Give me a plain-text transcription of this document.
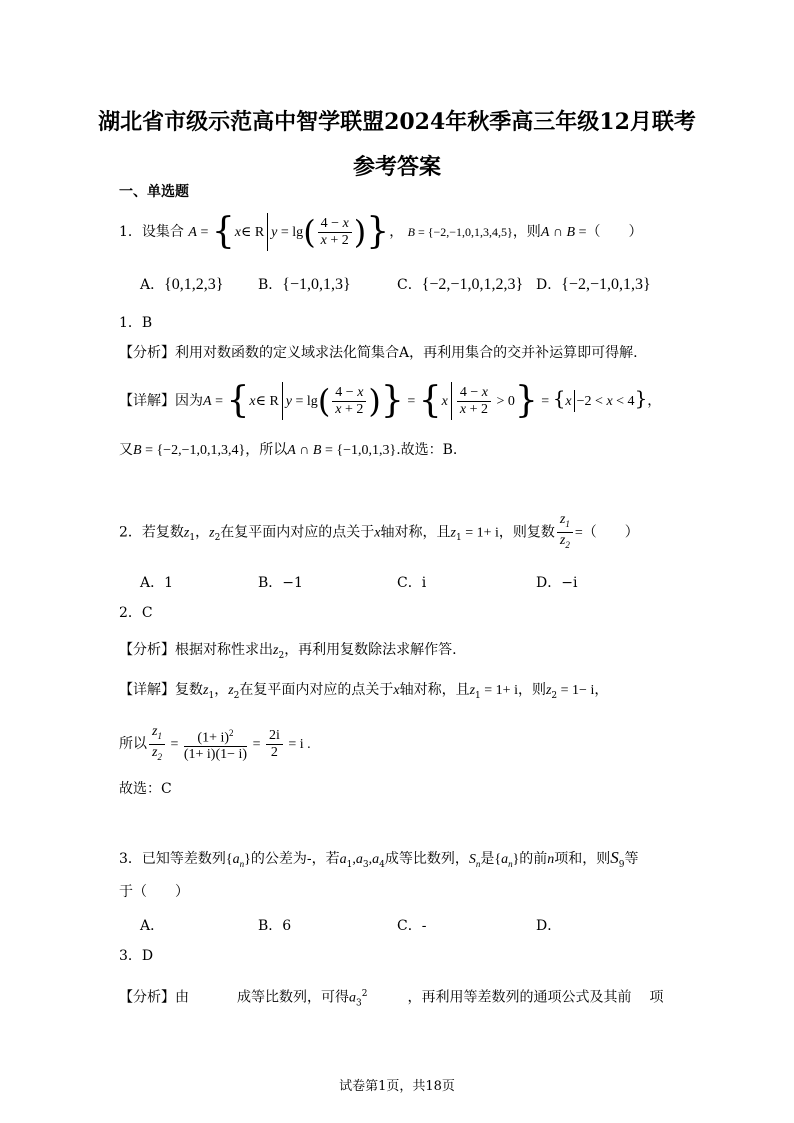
湖北省市级示范高中智学联盟2024年秋季高三年级12月联考
参考答案
一、单选题
1．设集合 A = {x∈ R $y = \lg( \frac{4 - x}{x + 2}$ )}， B = {−2,−1,0,1,3,4,5}，则A ∩ B =（　　）
A．{0,1,2,3} B．{−1,0,1,3}	C．{−2,−1,0,1,2,3} D．{−2,−1,0,1,3}
1．B
【分析】利用对数函数的定义域求法化简集合A，再利用集合的交并补运算即可得解.
【详解】因为A = {x∈ R $y = \lg( \frac{4 - x}{x + 2}$ )} = $\{x \frac{4 - x}{x + 2} > 0\} = \{x -2 < x < 4\}$，
又B = {−2,−1,0,1,3,4}，所以A ∩ B = {−1,0,1,3}.故选：B.
2．若复数$z_1$，$z_2$在复平面内对应的点关于x轴对称，且$z_1 = 1+ i$，则复数 $\frac{z_1}{z_2}$ =（　　）
A．1	B．−1	C．i	D．−i
2．C
【分析】根据对称性求出$z_2$，再利用复数除法求解作答.
【详解】复数$z_1$，$z_2$在复平面内对应的点关于x轴对称，且$z_1 = 1+ i$，则$z_2 = 1- i$，
所以 $\frac{z_1}{z_2} = \frac{(1+ i)^2}{(1+ i)(1- i)} = \frac{2i}{2} = i$ .
故选：C
3．已知等差数列$\{a_n\}$的公差为-，若$a_1,a_3,a_4$成等比数列，$S_n$是$\{a_n\}$的前n项和，则$S_9$等
于（　　）
A．	B．6	C．-	D．
3．D
【分析】由	成等比数列，可得$a_3^2$	，再利用等差数列的通项公式及其前 项
试卷第1页，共18页
